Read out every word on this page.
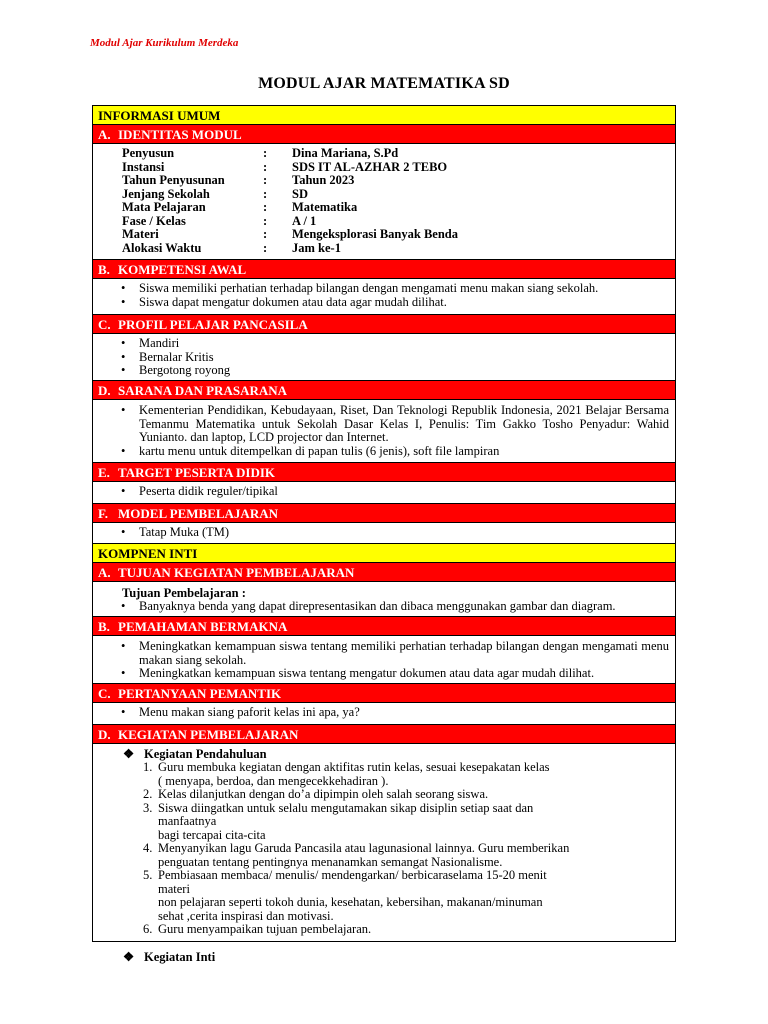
Modul Ajar Kurikulum Merdeka
MODUL AJAR MATEMATIKA SD
INFORMASI UMUM
A. IDENTITAS MODUL
Penyusun	:	Dina Mariana, S.Pd
Instansi	:	SDS IT AL-AZHAR 2 TEBO
Tahun Penyusunan	:	Tahun 2023
Jenjang Sekolah	:	SD
Mata Pelajaran	:	Matematika
Fase / Kelas	:	A / 1
Materi	:	Mengeksplorasi Banyak Benda
Alokasi Waktu	:	Jam ke-1
B. KOMPETENSI AWAL
• Siswa memiliki perhatian terhadap bilangan dengan mengamati menu makan siang sekolah.
• Siswa dapat mengatur dokumen atau data agar mudah dilihat.
C. PROFIL PELAJAR PANCASILA
• Mandiri
• Bernalar Kritis
• Bergotong royong
D. SARANA DAN PRASARANA
• Kementerian Pendidikan, Kebudayaan, Riset, Dan Teknologi Republik Indonesia, 2021 Belajar Bersama Temanmu Matematika untuk Sekolah Dasar Kelas I, Penulis: Tim Gakko Tosho Penyadur: Wahid Yunianto. dan laptop, LCD projector dan Internet.
• kartu menu untuk ditempelkan di papan tulis (6 jenis), soft file lampiran
E. TARGET PESERTA DIDIK
• Peserta didik reguler/tipikal
F. MODEL PEMBELAJARAN
• Tatap Muka (TM)
KOMPNEN INTI
A. TUJUAN KEGIATAN PEMBELAJARAN
Tujuan Pembelajaran :
• Banyaknya benda yang dapat direpresentasikan dan dibaca menggunakan gambar dan diagram.
B. PEMAHAMAN BERMAKNA
• Meningkatkan kemampuan siswa tentang memiliki perhatian terhadap bilangan dengan mengamati menu makan siang sekolah.
• Meningkatkan kemampuan siswa tentang mengatur dokumen atau data agar mudah dilihat.
C. PERTANYAAN PEMANTIK
• Menu makan siang paforit kelas ini apa, ya?
D. KEGIATAN PEMBELAJARAN
❖ Kegiatan Pendahuluan
1. Guru membuka kegiatan dengan aktifitas rutin kelas, sesuai kesepakatan kelas
( menyapa, berdoa, dan mengecekkehadiran ).
2. Kelas dilanjutkan dengan do’a dipimpin oleh salah seorang siswa.
3. Siswa diingatkan untuk selalu mengutamakan sikap disiplin setiap saat dan manfaatnya
bagi tercapai cita-cita
4. Menyanyikan lagu Garuda Pancasila atau lagunasional lainnya. Guru memberikan
penguatan tentang pentingnya menanamkan semangat Nasionalisme.
5. Pembiasaan membaca/ menulis/ mendengarkan/ berbicaraselama 15-20 menit materi
non pelajaran seperti tokoh dunia, kesehatan, kebersihan, makanan/minuman
sehat ,cerita inspirasi dan motivasi.
6. Guru menyampaikan tujuan pembelajaran.
❖ Kegiatan Inti
